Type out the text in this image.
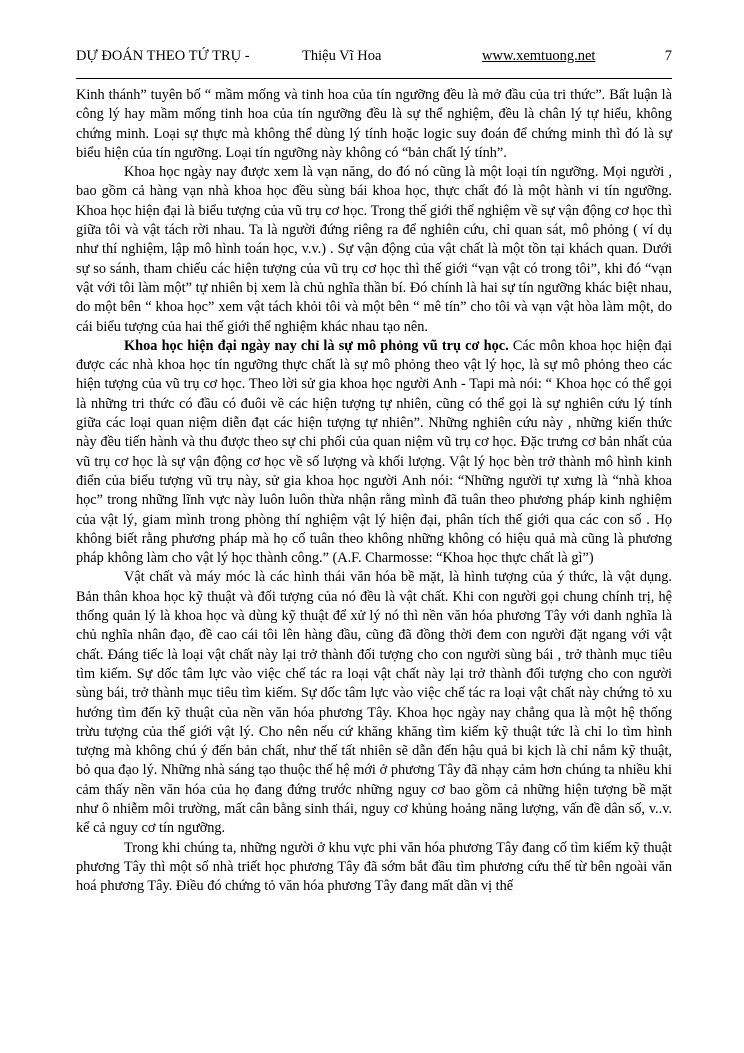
DỰ ĐOÁN THEO TỨ TRỤ -	Thiệu Vĩ Hoa	www.xemtuong.net	7

Kinh thánh” tuyên bố “ mầm mống và tinh hoa của tín ngưỡng đều là mở đầu của tri thức”. Bất luận là công lý hay mầm mống tinh hoa của tín ngưỡng đều là sự thể nghiệm, đều là chân lý tự hiểu, không chứng minh. Loại sự thực mà không thể dùng lý tính hoặc logic suy đoán để chứng minh thì đó là sự biểu hiện của tín ngưỡng. Loại tín ngưỡng này không có “bản chất lý tính”.

Khoa học ngày nay được xem là vạn năng, do đó nó cũng là một loại tín ngưỡng. Mọi người , bao gồm cả hàng vạn nhà khoa học đều sùng bái khoa học, thực chất đó là một hành vi tín ngưỡng. Khoa học hiện đại là biểu tượng của vũ trụ cơ học. Trong thế giới thể nghiệm về sự vận động cơ học thì giữa tôi và vật tách rời nhau. Ta là người đứng riêng ra để nghiên cứu, chỉ quan sát, mô phỏng ( ví dụ như thí nghiệm, lập mô hình toán học, v.v.) . Sự vận động của vật chất là một tồn tại khách quan. Dưới sự so sánh, tham chiếu các hiện tượng của vũ trụ cơ học thì thế giới “vạn vật có trong tôi”, khi đó “vạn vật với tôi làm một” tự nhiên bị xem là chủ nghĩa thần bí. Đó chính là hai sự tín ngưỡng khác biệt nhau, do một bên “ khoa học” xem vật tách khỏi tôi và một bên “ mê tín” cho tôi và vạn vật hòa làm một, do cái biểu tượng của hai thế giới thể nghiệm khác nhau tạo nên.

Khoa học hiện đại ngày nay chỉ là sự mô phỏng vũ trụ cơ học. Các môn khoa học hiện đại được các nhà khoa học tín ngưỡng thực chất là sự mô phỏng theo vật lý học, là sự mô phỏng theo các hiện tượng của vũ trụ cơ học. Theo lời sử gia khoa học người Anh - Tapi mà nói: “ Khoa học có thể gọi là những tri thức có đầu có đuôi về các hiện tượng tự nhiên, cũng có thể gọi là sự nghiên cứu lý tính giữa các loại quan niệm diễn đạt các hiện tượng tự nhiên”. Những nghiên cứu này , những kiến thức này đều tiến hành và thu được theo sự chi phối của quan niệm vũ trụ cơ học. Đặc trưng cơ bản nhất của vũ trụ cơ học là sự vận động cơ học về số lượng và khối lượng. Vật lý học bèn trở thành mô hình kinh điển của biểu tượng vũ trụ này, sử gia khoa học người Anh nói: “Những người tự xưng là “nhà khoa học” trong những lĩnh vực này luôn luôn thừa nhận rằng mình đã tuân theo phương pháp kinh nghiệm của vật lý, giam mình trong phòng thí nghiệm vật lý hiện đại, phân tích thế giới qua các con số . Họ không biết rằng phương pháp mà họ cố tuân theo không những không có hiệu quả mà cũng là phương pháp không làm cho vật lý học thành công.” (A.F. Charmosse: “Khoa học thực chất là gì”)

Vật chất và máy móc là các hình thái văn hóa bề mặt, là hình tượng của ý thức, là vật dụng. Bản thân khoa học kỹ thuật và đối tượng của nó đều là vật chất. Khi con người gọi chung chính trị, hệ thống quản lý là khoa học và dùng kỹ thuật để xử lý nó thì nền văn hóa phương Tây với danh nghĩa là chủ nghĩa nhân đạo, đề cao cái tôi lên hàng đầu, cũng đã đồng thời đem con người đặt ngang với vật chất. Đáng tiếc là loại vật chất này lại trở thành đối tượng cho con người sùng bái , trở thành mục tiêu tìm kiếm. Sự dốc tâm lực vào việc chế tác ra loại vật chất này lại trở thành đối tượng cho con người sùng bái, trở thành mục tiêu tìm kiếm. Sự dốc tâm lực vào việc chế tác ra loại vật chất này chứng tỏ xu hướng tìm đến kỹ thuật của nền văn hóa phương Tây. Khoa học ngày nay chẳng qua là một hệ thống trừu tượng của thế giới vật lý. Cho nên nếu cứ khăng khăng tìm kiếm kỹ thuật tức là chỉ lo tìm hình tượng mà không chú ý đến bản chất, như thế tất nhiên sẽ dẫn đến hậu quả bi kịch là chỉ nắm kỹ thuật, bỏ qua đạo lý. Những nhà sáng tạo thuộc thế hệ mới ở phương Tây đã nhạy cảm hơn chúng ta nhiều khi cảm thấy nền văn hóa của họ đang đứng trước những nguy cơ bao gồm cả những hiện tượng bề mặt như ô nhiễm môi trường, mất cân bằng sinh thái, nguy cơ khủng hoảng năng lượng, vấn đề dân số, v..v. kể cả nguy cơ tín ngưỡng.

Trong khi chúng ta, những người ở khu vực phi văn hóa phương Tây đang cố tìm kiếm kỹ thuật phương Tây thì một số nhà triết học phương Tây đã sớm bắt đầu tìm phương cứu thế từ bên ngoài văn hoá phương Tây. Điều đó chứng tỏ văn hóa phương Tây đang mất dần vị thế
